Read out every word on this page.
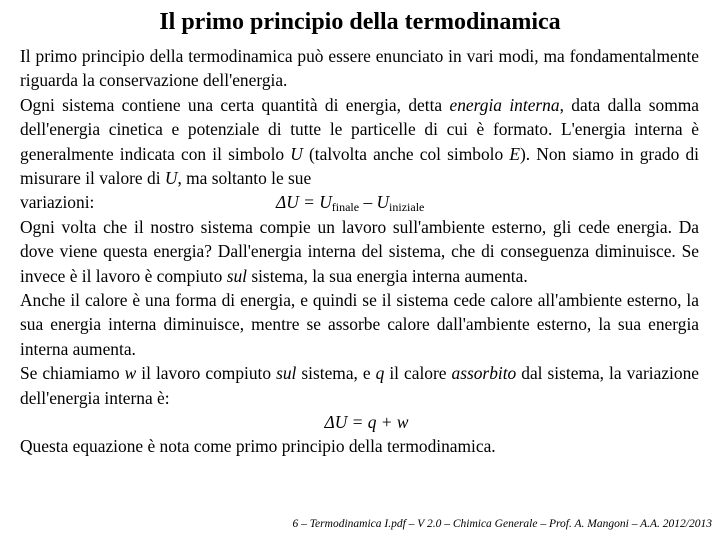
Il primo principio della termodinamica

Il primo principio della termodinamica può essere enunciato in vari modi, ma fondamentalmente riguarda la conservazione dell'energia.

Ogni sistema contiene una certa quantità di energia, detta energia interna, data dalla somma dell'energia cinetica e potenziale di tutte le particelle di cui è formato. L'energia interna è generalmente indicata con il simbolo U (talvolta anche col simbolo E). Non siamo in grado di misurare il valore di U, ma soltanto le sue

variazioni:	$\Delta U = U_{finale} - U_{iniziale}$

Ogni volta che il nostro sistema compie un lavoro sull'ambiente esterno, gli cede energia. Da dove viene questa energia? Dall'energia interna del sistema, che di conseguenza diminuisce. Se invece è il lavoro è compiuto sul sistema, la sua energia interna aumenta.

Anche il calore è una forma di energia, e quindi se il sistema cede calore all'ambiente esterno, la sua energia interna diminuisce, mentre se assorbe calore dall'ambiente esterno, la sua energia interna aumenta.

Se chiamiamo w il lavoro compiuto sul sistema, e q il calore assorbito dal sistema, la variazione dell'energia interna è:

ΔU = q + w

Questa equazione è nota come primo principio della termodinamica.

6 – Termodinamica I.pdf – V 2.0 – Chimica Generale – Prof. A. Mangoni – A.A. 2012/2013
